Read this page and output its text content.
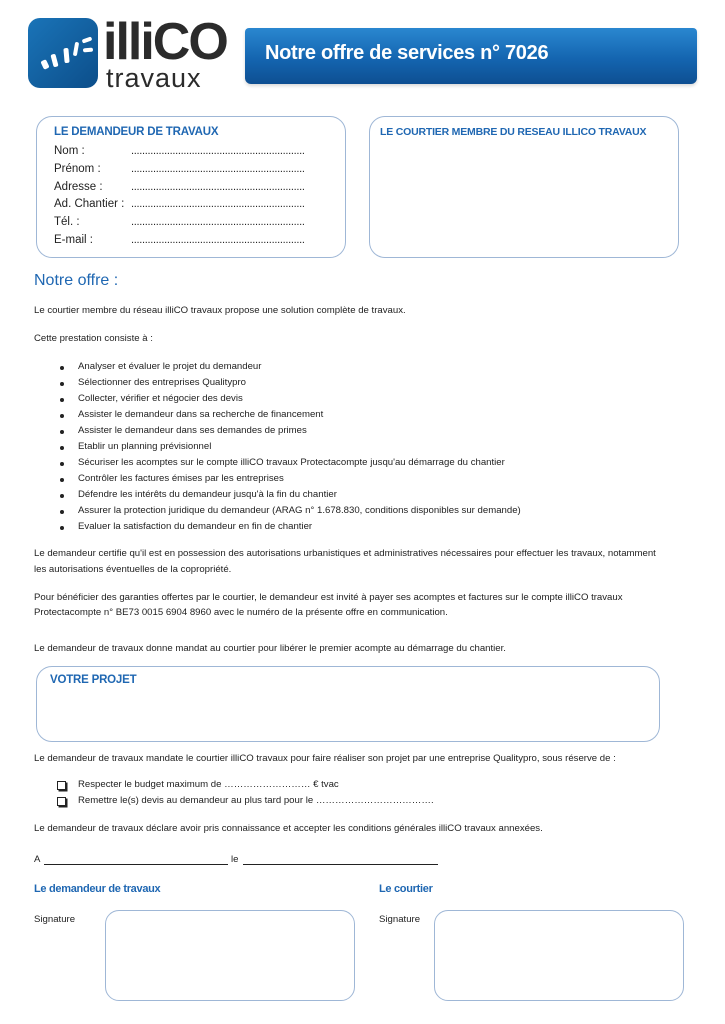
illiCO
travaux
Notre offre de services n° 7026
LE DEMANDEUR DE TRAVAUX
Nom :	...............................................................
Prénom :	...............................................................
Adresse :	...............................................................
Ad. Chantier : ...............................................................
Tél. :	...............................................................
E-mail :	...............................................................
LE COURTIER MEMBRE DU RESEAU ILLICO TRAVAUX
Notre offre :
Le courtier membre du réseau illiCO travaux propose une solution complète de travaux.
Cette prestation consiste à :
Analyser et évaluer le projet du demandeur
Sélectionner des entreprises Qualitypro
Collecter, vérifier et négocier des devis
Assister le demandeur dans sa recherche de financement
Assister le demandeur dans ses demandes de primes
Etablir un planning prévisionnel
Sécuriser les acomptes sur le compte illiCO travaux Protectacompte jusqu'au démarrage du chantier
Contrôler les factures émises par les entreprises
Défendre les intérêts du demandeur jusqu'à la fin du chantier
Assurer la protection juridique du demandeur (ARAG n° 1.678.830, conditions disponibles sur demande)
Evaluer la satisfaction du demandeur en fin de chantier
Le demandeur certifie qu'il est en possession des autorisations urbanistiques et administratives nécessaires pour effectuer les travaux, notamment
les autorisations éventuelles de la copropriété.
Pour bénéficier des garanties offertes par le courtier, le demandeur est invité à payer ses acomptes et factures sur le compte illiCO travaux
Protectacompte n° BE73 0015 6904 8960 avec le numéro de la présente offre en communication.
Le demandeur de travaux donne mandat au courtier pour libérer le premier acompte au démarrage du chantier.
VOTRE PROJET
Le demandeur de travaux mandate le courtier illiCO travaux pour faire réaliser son projet par une entreprise Qualitypro, sous réserve de :
Respecter le budget maximum de ……………………… € tvac
Remettre le(s) devis au demandeur au plus tard pour le ……………………………….
Le demandeur de travaux déclare avoir pris connaissance et accepter les conditions générales illiCO travaux annexées.
A	le
Le demandeur de travaux	Le courtier
Signature	Signature
